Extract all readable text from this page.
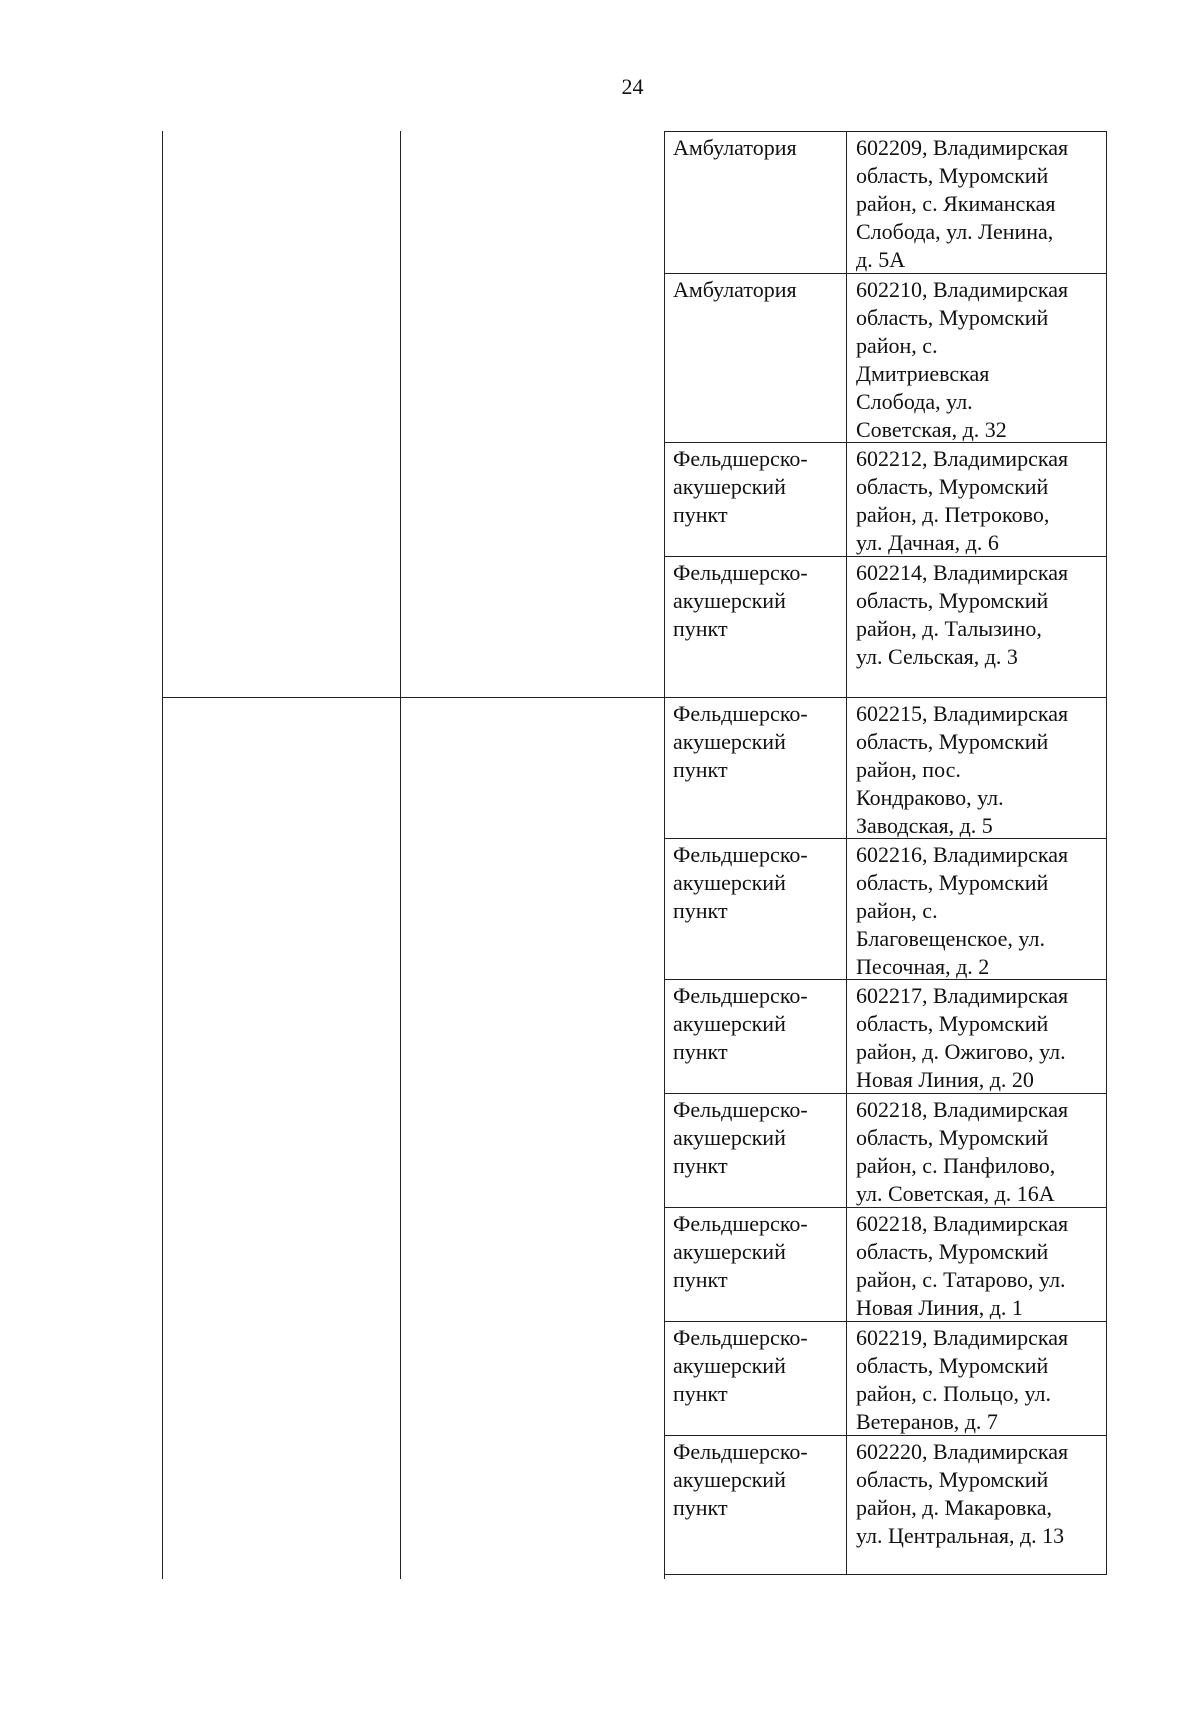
24
Амбулатория	602209, Владимирская
область, Муромский
район, с. Якиманская
Слобода, ул. Ленина,
д. 5А
Амбулатория	602210, Владимирская
область, Муромский
район, с.
Дмитриевская
Слобода, ул.
Советская, д. 32
Фельдшерско-
акушерский
пункт
602212, Владимирская
область, Муромский
район, д. Петроково,
ул. Дачная, д. 6
Фельдшерско-
акушерский
пункт
602214, Владимирская
область, Муромский
район, д. Талызино,
ул. Сельская, д. 3
Фельдшерско-
акушерский
пункт
602215, Владимирская
область, Муромский
район, пос.
Кондраково, ул.
Заводская, д. 5
Фельдшерско-
акушерский
пункт
602216, Владимирская
область, Муромский
район, с.
Благовещенское, ул.
Песочная, д. 2
Фельдшерско-
акушерский
пункт
602217, Владимирская
область, Муромский
район, д. Ожигово, ул.
Новая Линия, д. 20
Фельдшерско-
акушерский
пункт
602218, Владимирская
область, Муромский
район, с. Панфилово,
ул. Советская, д. 16А
Фельдшерско-
акушерский
пункт
602218, Владимирская
область, Муромский
район, с. Татарово, ул.
Новая Линия, д. 1
Фельдшерско-
акушерский
пункт
602219, Владимирская
область, Муромский
район, с. Польцо, ул.
Ветеранов, д. 7
Фельдшерско-
акушерский
пункт
602220, Владимирская
область, Муромский
район, д. Макаровка,
ул. Центральная, д. 13
